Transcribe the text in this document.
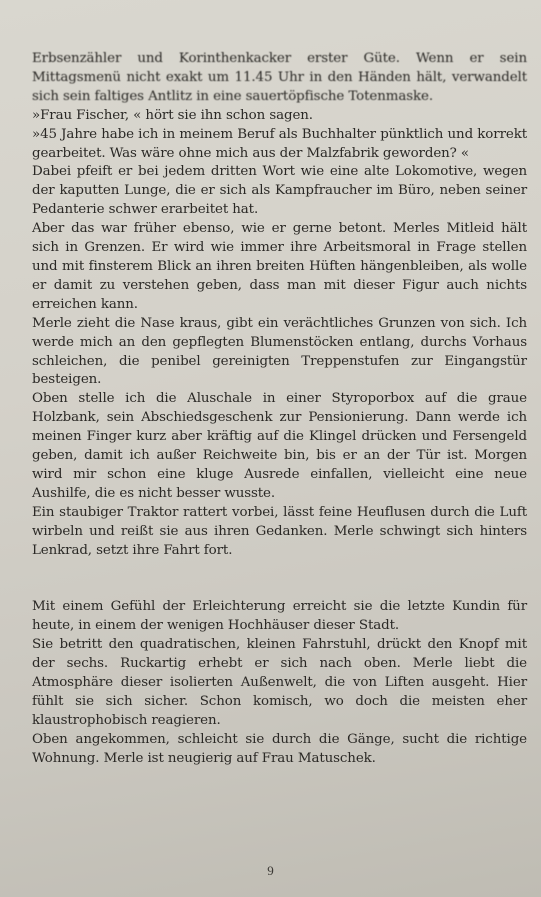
Erbsenzähler und Korinthenkacker erster Güte. Wenn er sein Mittagsmenü nicht exakt um 11.45 Uhr in den Händen hält, verwandelt sich sein faltiges Antlitz in eine sauertöpfische Totenmaske.

»Frau Fischer, « hört sie ihn schon sagen.

»45 Jahre habe ich in meinem Beruf als Buchhalter pünktlich und korrekt gearbeitet. Was wäre ohne mich aus der Malzfabrik geworden? «

Dabei pfeift er bei jedem dritten Wort wie eine alte Lokomotive, wegen der kaputten Lunge, die er sich als Kampfraucher im Büro, neben seiner Pedanterie schwer erarbeitet hat.

Aber das war früher ebenso, wie er gerne betont. Merles Mitleid hält sich in Grenzen. Er wird wie immer ihre Arbeitsmoral in Frage stellen und mit finsterem Blick an ihren breiten Hüften hängenbleiben, als wolle er damit zu verstehen geben, dass man mit dieser Figur auch nichts erreichen kann.

Merle zieht die Nase kraus, gibt ein verächtliches Grunzen von sich. Ich werde mich an den gepflegten Blumenstöcken entlang, durchs Vorhaus schleichen, die penibel gereinigten Treppenstufen zur Eingangstür besteigen.

Oben stelle ich die Aluschale in einer Styroporbox auf die graue Holzbank, sein Abschiedsgeschenk zur Pensionierung. Dann werde ich meinen Finger kurz aber kräftig auf die Klingel drücken und Fersengeld geben, damit ich außer Reichweite bin, bis er an der Tür ist. Morgen wird mir schon eine kluge Ausrede einfallen, vielleicht eine neue Aushilfe, die es nicht besser wusste.

Ein staubiger Traktor rattert vorbei, lässt feine Heuflusen durch die Luft wirbeln und reißt sie aus ihren Gedanken. Merle schwingt sich hinters Lenkrad, setzt ihre Fahrt fort.

Mit einem Gefühl der Erleichterung erreicht sie die letzte Kundin für heute, in einem der wenigen Hochhäuser dieser Stadt.

Sie betritt den quadratischen, kleinen Fahrstuhl, drückt den Knopf mit der sechs. Ruckartig erhebt er sich nach oben. Merle liebt die Atmosphäre dieser isolierten Außenwelt, die von Liften ausgeht. Hier fühlt sie sich sicher. Schon komisch, wo doch die meisten eher klaustrophobisch reagieren.

Oben angekommen, schleicht sie durch die Gänge, sucht die richtige Wohnung. Merle ist neugierig auf Frau Matuschek.

9
